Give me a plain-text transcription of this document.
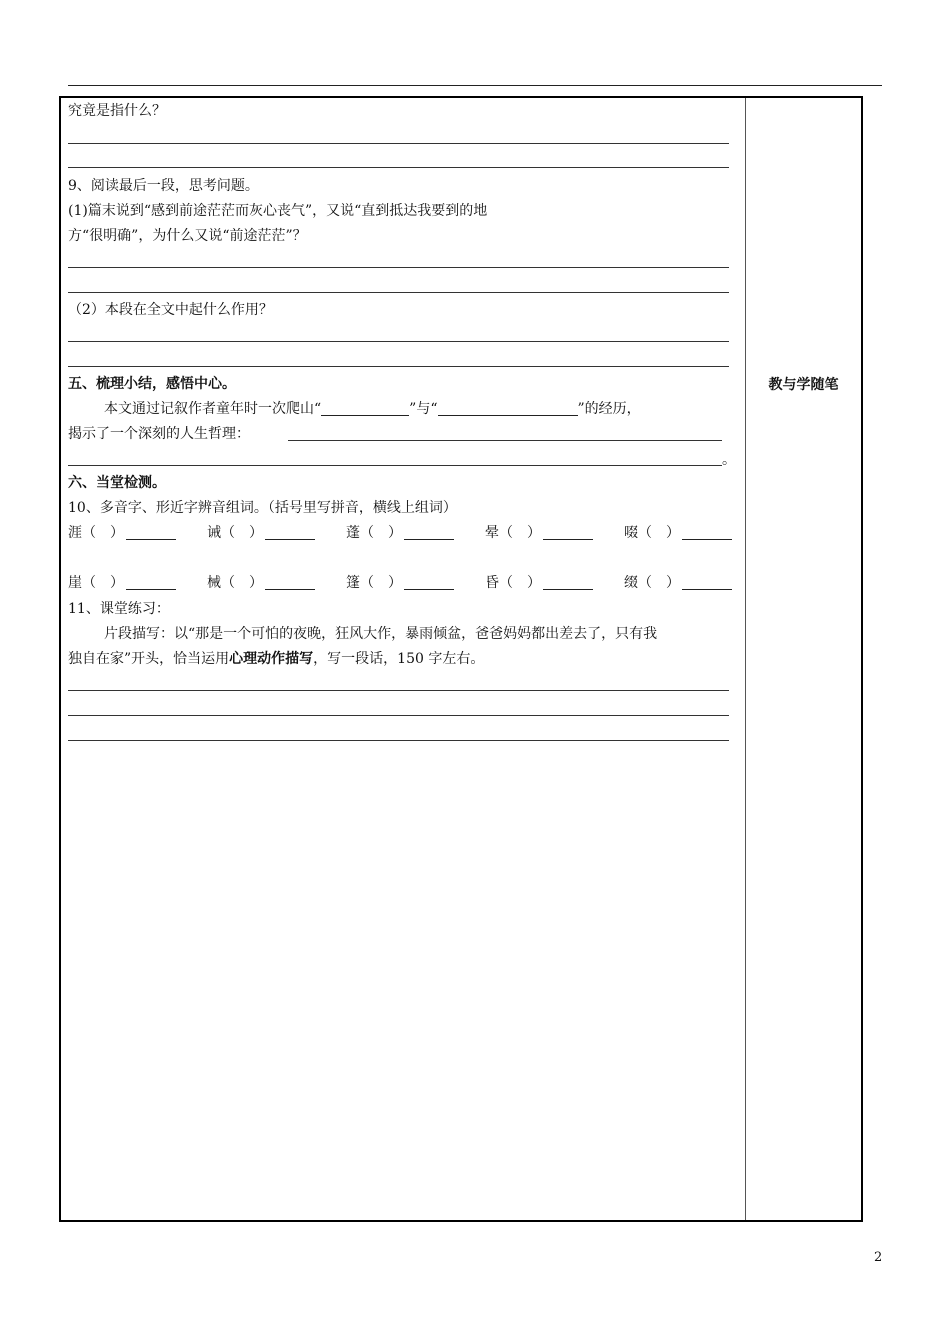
教与学随笔
究竟是指什么？
9、阅读最后一段，思考问题。
(1)篇末说到“感到前途茫茫而灰心丧气”，又说“直到抵达我要到的地
方“很明确”，为什么又说“前途茫茫”？
（2）本段在全文中起什么作用？
五、梳理小结，感悟中心。
本文通过记叙作者童年时一次爬山“	”与“	”的经历，
揭示了一个深刻的人生哲理：
。
六、当堂检测。
10、多音字、形近字辨音组词。（括号里写拼音，横线上组词）
涯（ ）	诫（ ）	蓬（ ）	晕（ ）	啜（ ）
崖（ ）	械（ ）	篷（ ）	昏（ ）	缀（ ）
11、课堂练习：
片段描写：以“那是一个可怕的夜晚，狂风大作，暴雨倾盆，爸爸妈妈都出差去了，只有我
独自在家”开头，恰当运用心理动作描写，写一段话，150 字左右。
2
